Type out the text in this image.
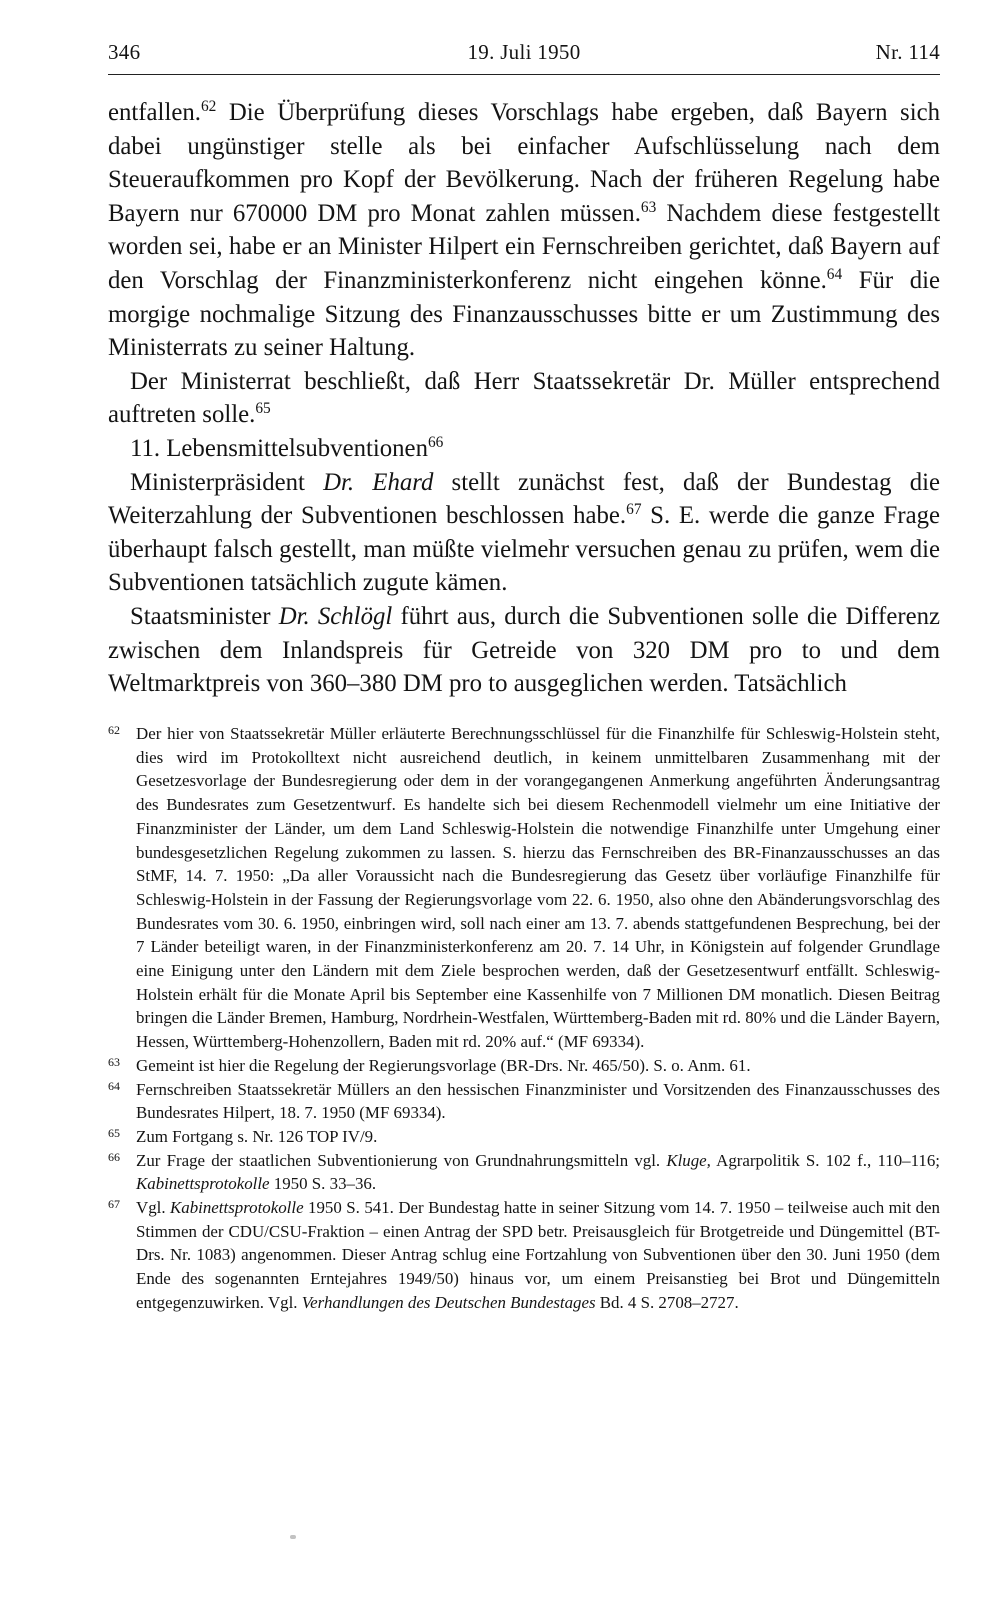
346	19. Juli 1950	Nr. 114

entfallen.$^{62}$ Die Überprüfung dieses Vorschlags habe ergeben, daß Bayern sich dabei ungünstiger stelle als bei einfacher Aufschlüsselung nach dem Steueraufkommen pro Kopf der Bevölkerung. Nach der früheren Regelung habe Bayern nur 670000 DM pro Monat zahlen müssen.$^{63}$ Nachdem diese festgestellt worden sei, habe er an Minister Hilpert ein Fernschreiben gerichtet, daß Bayern auf den Vorschlag der Finanzministerkonferenz nicht eingehen könne.$^{64}$ Für die morgige nochmalige Sitzung des Finanzausschusses bitte er um Zustimmung des Ministerrats zu seiner Haltung.

Der Ministerrat beschließt, daß Herr Staatssekretär Dr. Müller entsprechend auftreten solle.$^{65}$

11. Lebensmittelsubventionen$^{66}$

Ministerpräsident Dr. Ehard stellt zunächst fest, daß der Bundestag die Weiterzahlung der Subventionen beschlossen habe.$^{67}$ S. E. werde die ganze Frage überhaupt falsch gestellt, man müßte vielmehr versuchen genau zu prüfen, wem die Subventionen tatsächlich zugute kämen.

Staatsminister Dr. Schlögl führt aus, durch die Subventionen solle die Differenz zwischen dem Inlandspreis für Getreide von 320 DM pro to und dem Weltmarktpreis von 360–380 DM pro to ausgeglichen werden. Tatsächlich

62 Der hier von Staatssekretär Müller erläuterte Berechnungsschlüssel für die Finanzhilfe für Schleswig-Holstein steht, dies wird im Protokolltext nicht ausreichend deutlich, in keinem unmittelbaren Zusammenhang mit der Gesetzesvorlage der Bundesregierung oder dem in der vorangegangenen Anmerkung angeführten Änderungsantrag des Bundesrates zum Gesetzentwurf. Es handelte sich bei diesem Rechenmodell vielmehr um eine Initiative der Finanzminister der Länder, um dem Land Schleswig-Holstein die notwendige Finanzhilfe unter Umgehung einer bundesgesetzlichen Regelung zukommen zu lassen. S. hierzu das Fernschreiben des BR-Finanzausschusses an das StMF, 14. 7. 1950: „Da aller Voraussicht nach die Bundesregierung das Gesetz über vorläufige Finanzhilfe für Schleswig-Holstein in der Fassung der Regierungsvorlage vom 22. 6. 1950, also ohne den Abänderungsvorschlag des Bundesrates vom 30. 6. 1950, einbringen wird, soll nach einer am 13. 7. abends stattgefundenen Besprechung, bei der 7 Länder beteiligt waren, in der Finanzministerkonferenz am 20. 7. 14 Uhr, in Königstein auf folgender Grundlage eine Einigung unter den Ländern mit dem Ziele besprochen werden, daß der Gesetzesentwurf entfällt. Schleswig-Holstein erhält für die Monate April bis September eine Kassenhilfe von 7 Millionen DM monatlich. Diesen Beitrag bringen die Länder Bremen, Hamburg, Nordrhein-Westfalen, Württemberg-Baden mit rd. 80% und die Länder Bayern, Hessen, Württemberg-Hohenzollern, Baden mit rd. 20% auf.“ (MF 69334).
63 Gemeint ist hier die Regelung der Regierungsvorlage (BR-Drs. Nr. 465/50). S. o. Anm. 61.
64 Fernschreiben Staatssekretär Müllers an den hessischen Finanzminister und Vorsitzenden des Finanzausschusses des Bundesrates Hilpert, 18. 7. 1950 (MF 69334).
65 Zum Fortgang s. Nr. 126 TOP IV/9.
66 Zur Frage der staatlichen Subventionierung von Grundnahrungsmitteln vgl. Kluge, Agrarpolitik S. 102 f., 110–116; Kabinettsprotokolle 1950 S. 33–36.
67 Vgl. Kabinettsprotokolle 1950 S. 541. Der Bundestag hatte in seiner Sitzung vom 14. 7. 1950 – teilweise auch mit den Stimmen der CDU/CSU-Fraktion – einen Antrag der SPD betr. Preisausgleich für Brotgetreide und Düngemittel (BT-Drs. Nr. 1083) angenommen. Dieser Antrag schlug eine Fortzahlung von Subventionen über den 30. Juni 1950 (dem Ende des sogenannten Erntejahres 1949/50) hinaus vor, um einem Preisanstieg bei Brot und Düngemitteln entgegenzuwirken. Vgl. Verhandlungen des Deutschen Bundestages Bd. 4 S. 2708–2727.
